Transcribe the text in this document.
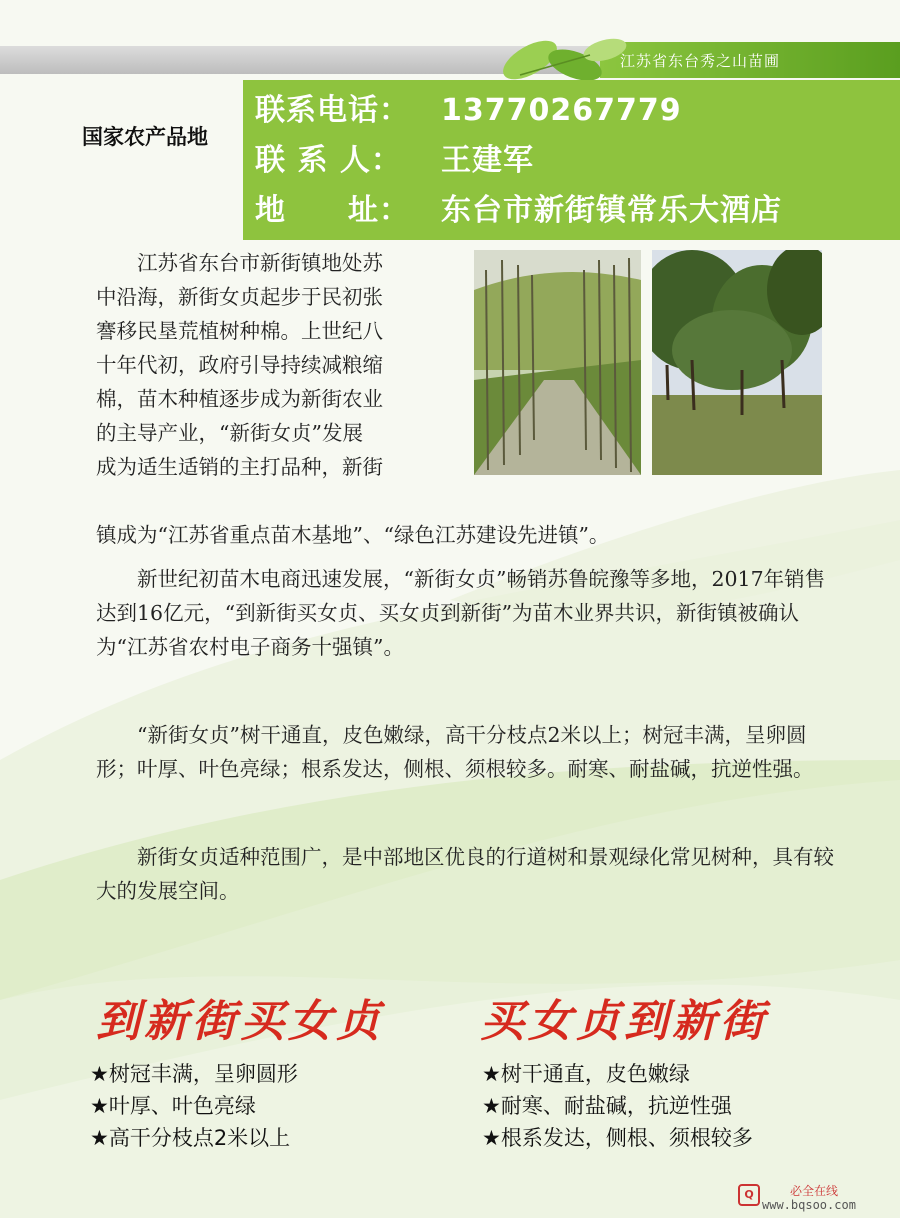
江苏省东台秀之山苗圃
国家农产品地
联系电话： 13770267779
联 系 人： 王建军
地　　址： 东台市新街镇常乐大酒店
　　江苏省东台市新街镇地处苏
中沿海，新街女贞起步于民初张
謇移民垦荒植树种棉。上世纪八
十年代初，政府引导持续减粮缩
棉，苗木种植逐步成为新街农业
的主导产业，“新街女贞”发展
成为适生适销的主打品种，新街

镇成为“江苏省重点苗木基地”、“绿色江苏建设先进镇”。

　　新世纪初苗木电商迅速发展，“新街女贞”畅销苏鲁皖豫等多地，2017年销售达到16亿元，“到新街买女贞、买女贞到新街”为苗木业界共识，新街镇被确认为“江苏省农村电子商务十强镇”。

　　“新街女贞”树干通直，皮色嫩绿，高干分枝点2米以上；树冠丰满，呈卵圆形；叶厚、叶色亮绿；根系发达，侧根、须根较多。耐寒、耐盐碱，抗逆性强。

　　新街女贞适种范围广，是中部地区优良的行道树和景观绿化常见树种，具有较大的发展空间。

到新街买女贞 买女贞到新街
★树冠丰满，呈卵圆形
★叶厚、叶色亮绿
★高干分枝点2米以上
★树干通直，皮色嫩绿
★耐寒、耐盐碱，抗逆性强
★根系发达，侧根、须根较多
Q	必全在线
www.bqsoo.com
